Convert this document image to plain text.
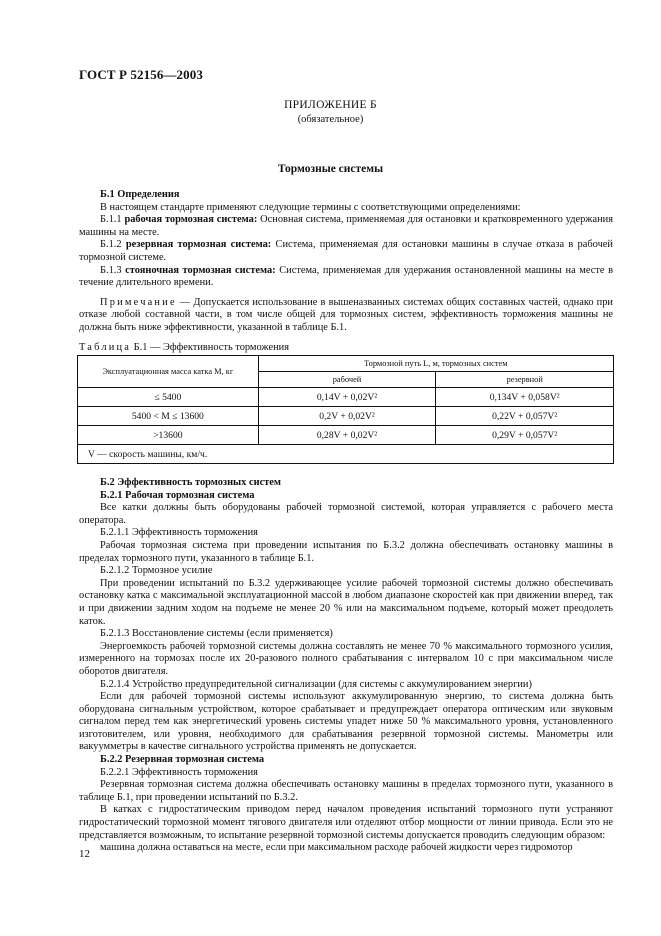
ГОСТ Р 52156—2003
ПРИЛОЖЕНИЕ Б
(обязательное)
Тормозные системы

Б.1 Определения

В настоящем стандарте применяют следующие термины с соответствующими определениями:

Б.1.1 рабочая тормозная система: Основная система, применяемая для остановки и кратковременного удержания машины на месте.

Б.1.2 резервная тормозная система: Система, применяемая для остановки машины в случае отказа в рабочей тормозной системе.

Б.1.3 стояночная тормозная система: Система, применяемая для удержания остановленной машины на месте в течение длительного времени.

Примечание — Допускается использование в вышеназванных системах общих составных частей, однако при отказе любой составной части, в том числе общей для тормозных систем, эффективность торможения машины не должна быть ниже эффективности, указанной в таблице Б.1.

Таблица Б.1 — Эффективность торможения

Эксплуатационная масса катка M, кг	Тормозной путь L, м, тормозных систем	
	рабочей	резервной
≤ 5400	0,14V + 0,02V²	0,134V + 0,058V²
5400 < M ≤ 13600	0,2V + 0,02V²	0,22V + 0,057V²
>13600	0,28V + 0,02V²	0,29V + 0,057V²
V — скорость машины, км/ч.		

Б.2 Эффективность тормозных систем

Б.2.1 Рабочая тормозная система

Все катки должны быть оборудованы рабочей тормозной системой, которая управляется с рабочего места оператора.

Б.2.1.1 Эффективность торможения

Рабочая тормозная система при проведении испытания по Б.3.2 должна обеспечивать остановку машины в пределах тормозного пути, указанного в таблице Б.1.

Б.2.1.2 Тормозное усилие

При проведении испытаний по Б.3.2 удерживающее усилие рабочей тормозной системы должно обеспечивать остановку катка с максимальной эксплуатационной массой в любом диапазоне скоростей как при движении вперед, так и при движении задним ходом на подъеме не менее 20 % или на максимальном подъеме, который может преодолеть каток.

Б.2.1.3 Восстановление системы (если применяется)

Энергоемкость рабочей тормозной системы должна составлять не менее 70 % максимального тормозного усилия, измеренного на тормозах после их 20-разового полного срабатывания с интервалом 10 с при максимальном числе оборотов двигателя.

Б.2.1.4 Устройство предупредительной сигнализации (для системы с аккумулированием энергии)

Если для рабочей тормозной системы используют аккумулированную энергию, то система должна быть оборудована сигнальным устройством, которое срабатывает и предупреждает оператора оптическим или звуковым сигналом перед тем как энергетический уровень системы упадет ниже 50 % максимального уровня, установленного изготовителем, или уровня, необходимого для срабатывания резервной тормозной системы. Манометры или вакуумметры в качестве сигнального устройства применять не допускается.

Б.2.2 Резервная тормозная система

Б.2.2.1 Эффективность торможения

Резервная тормозная система должна обеспечивать остановку машины в пределах тормозного пути, указанного в таблице Б.1, при проведении испытаний по Б.3.2.

В катках с гидростатическим приводом перед началом проведения испытаний тормозного пути устраняют гидростатический тормозной момент тягового двигателя или отделяют отбор мощности от линии привода. Если это не представляется возможным, то испытание резервной тормозной системы допускается проводить следующим образом:

машина должна оставаться на месте, если при максимальном расходе рабочей жидкости через гидромотор

12
